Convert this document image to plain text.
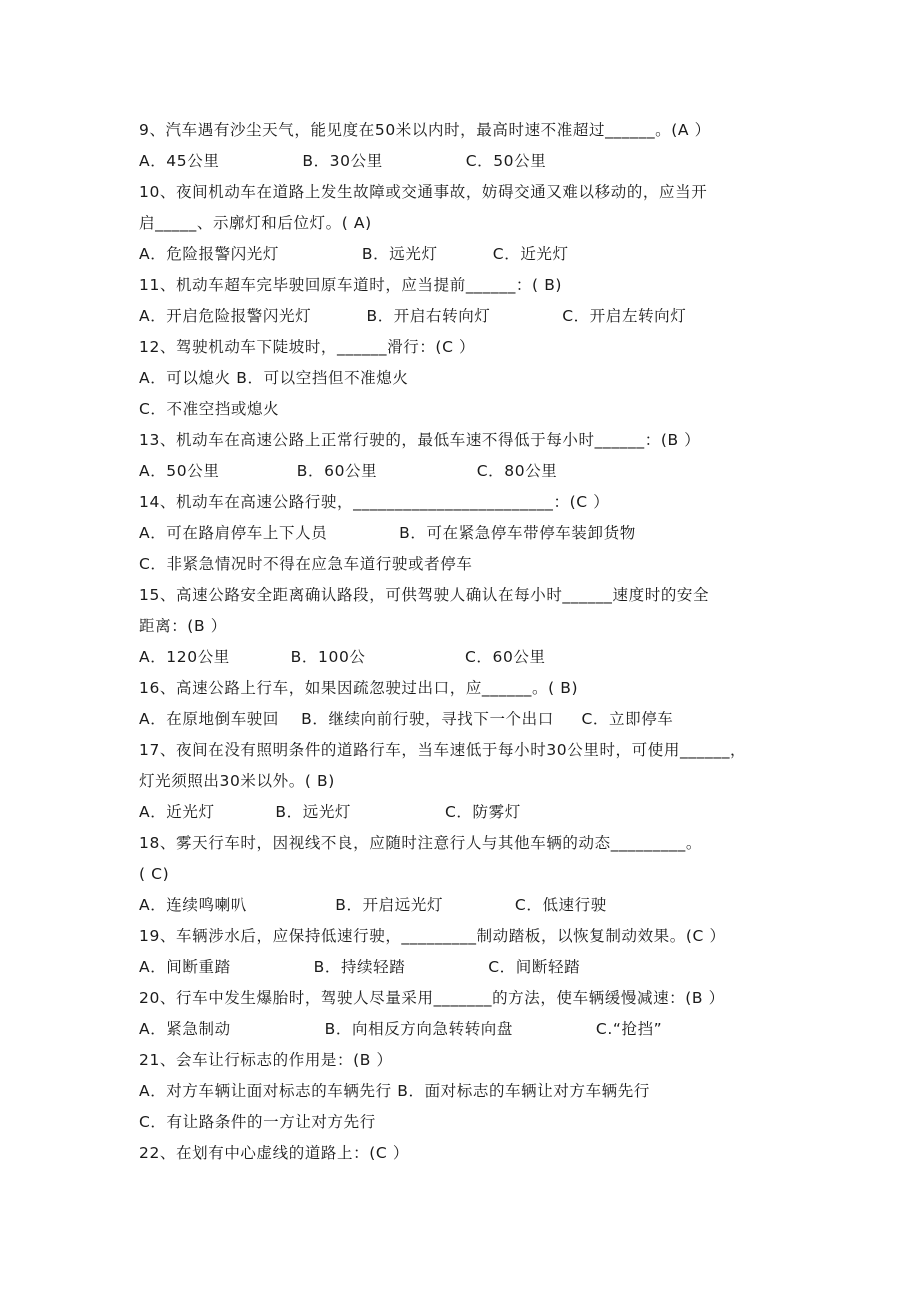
9、汽车遇有沙尘天气，能见度在50米以内时，最高时速不准超过______。(A ）
A．45公里               B．30公里               C．50公里
10、夜间机动车在道路上发生故障或交通事故，妨碍交通又难以移动的，应当开
启_____、示廓灯和后位灯。( A)
A．危险报警闪光灯               B．远光灯          C．近光灯
11、机动车超车完毕驶回原车道时，应当提前______：( B)
A．开启危险报警闪光灯          B．开启右转向灯             C．开启左转向灯
12、驾驶机动车下陡坡时，______滑行：(C ）
A．可以熄火 B．可以空挡但不准熄火
C．不准空挡或熄火
13、机动车在高速公路上正常行驶的，最低车速不得低于每小时______：(B ）
A．50公里              B．60公里                  C．80公里
14、机动车在高速公路行驶，________________________：(C ）
A．可在路肩停车上下人员             B．可在紧急停车带停车装卸货物
C．非紧急情况时不得在应急车道行驶或者停车
15、高速公路安全距离确认路段，可供驾驶人确认在每小时______速度时的安全
距离：(B ）
A．120公里           B．100公                  C．60公里
16、高速公路上行车，如果因疏忽驶过出口，应______。( B)
A．在原地倒车驶回    B．继续向前行驶，寻找下一个出口     C．立即停车
17、夜间在没有照明条件的道路行车，当车速低于每小时30公里时，可使用______，
灯光须照出30米以外。( B)
A．近光灯           B．远光灯                 C．防雾灯
18、雾天行车时，因视线不良，应随时注意行人与其他车辆的动态_________。
( C)
A．连续鸣喇叭                B．开启远光灯             C．低速行驶
19、车辆涉水后，应保持低速行驶，_________制动踏板，以恢复制动效果。(C ）
A．间断重踏               B．持续轻踏               C．间断轻踏
20、行车中发生爆胎时，驾驶人尽量采用_______的方法，使车辆缓慢减速：(B ）
A．紧急制动                 B．向相反方向急转转向盘               C.“抢挡”
21、会车让行标志的作用是：(B ）
A．对方车辆让面对标志的车辆先行 B．面对标志的车辆让对方车辆先行
C．有让路条件的一方让对方先行
22、在划有中心虚线的道路上：(C ）
